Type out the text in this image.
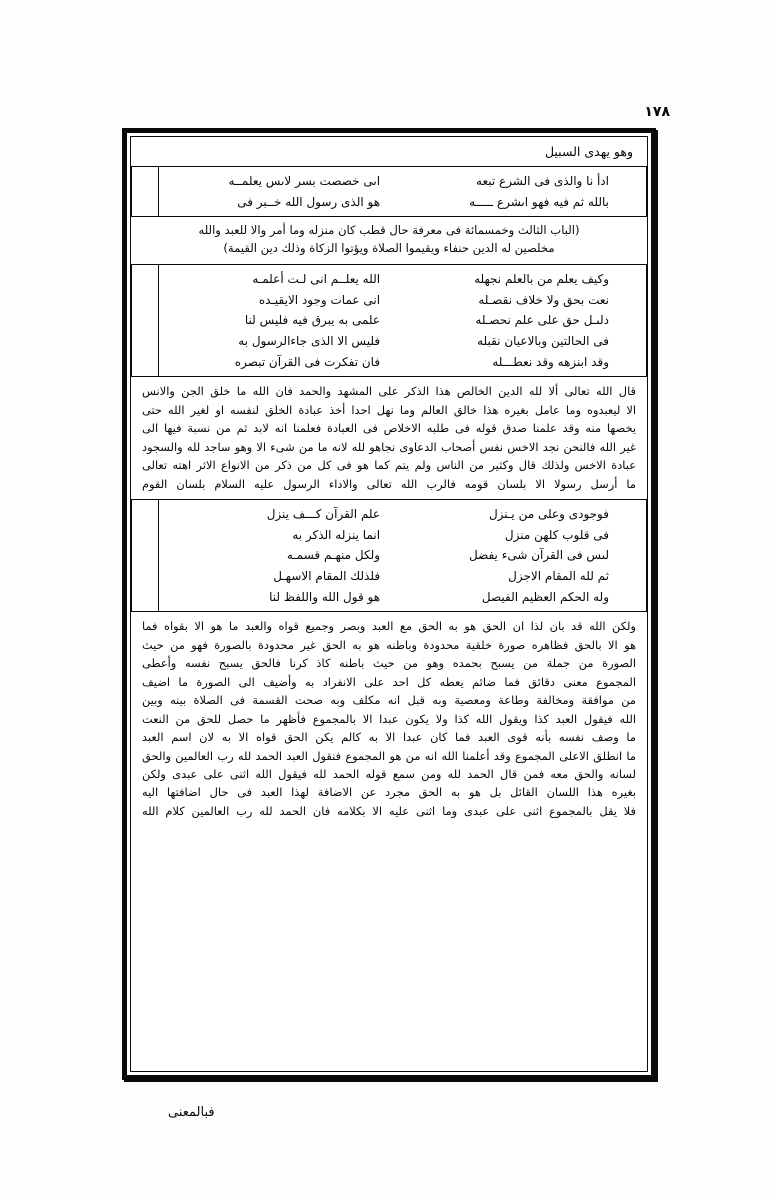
١٧٨
وهو يهدى السبيل
اىى خصصت بسر لاىس يعلمــه
هو الذى رسول الله خــبر فى
ادأ نا والذى فى الشرع تبعه
بالله ثم فيه فهو اىشرع ـــــه
(الباب الثالث وخمسمائة فى معرفة حال قطب كان منزله وما أمر والا للعبد والله
مخلصين له الدين حنفاء ويقيموا الصلاة ويؤتوا الزكاة وذلك دين القيمة)
الله يعلــم انى لـت أعلمـه
انى عمات وجود الايقيـده
علمى به يبرق فيه فليس لنا
فليس الا الذى جاءالرسول به
فان تفكرت فى القرآن تبصره
وكيف يعلم من بالعلم نجهله
نعت بحق ولا خلاف نقصـله
دلىـل حق على علم نحصـله
فى الحالتين وبالاعيان نقبله
وقد ابنزهه وقد نعطـــله
قال الله تعالى ألا لله الدين الخالص هذا الذكر على المشهد والحمد فان الله ما خلق الجن والانس
الا ليعبدوه وما عامل بغيره هذا خالق العالم وما نهل احدا أخذ عبادة الخلق لنفسه او لغير الله حتى
يخصها منه وقد علمنا صدق قوله فى طلبه الاخلاص فى العبادة فعلمنا انه لابد ثم من نسبة فيها الى
غير الله فالنحن نجد الاخس نفس أصحاب الدعاوى نجاهو لله لانه ما من شىء الا وهو ساجد لله والسجود
عبادة الاخس ولذلك قال وكثير من الناس ولم يتم كما هو فى كل من ذكر من الانواع الاثر اهته تعالى
ما أرسل رسولا الا بلسان قومه فالرب الله تعالى والاداء الرسول عليه السلام بلسان القوم
علم القرآن كـــف ينزل
انما ينزله الذكر به
ولكل منهـم قسمـه
فلذلك المقام الاسهـل
هو قول الله واللفظ لنا
فوجودى وعلى من يـنزل
فى قلوب كلهن منزل
لىس فى القرآن شىء يفضل
ثم لله المقام الاجزل
وله الحكم العظيم الفيصل
ولكن الله قد بان لذا ان الحق هو به الحق مع العبد وبصر وجميع قواه والعبد ما هو الا بقواه فما
هو الا بالحق فظاهره صورة خلقية محدودة وباطنه هو به الحق غير محدودة بالصورة فهو من حيث
الصورة من جملة من يسبح بحمده وهو من حيث باطنه كاذ كرنا فالحق يسبح نفسه وأعطى
المجموع معنى دقائق فما ضائم يعطه كل احد على الانفراد به وأضيف الى الصورة ما اضيف
من موافقة ومخالفة وطاعة ومعصية وبه قبل انه مكلف وبه صحت القسمة فى الصلاة بينه وبين
الله فيقول العبد كذا ويقول الله كذا ولا يكون عبدا الا بالمجموع فأظهر ما حصل للحق من النعت
ما وصف نفسه بأنه قوى العبد فما كان عبدا الا به كالم يكن الحق قواه الا به لان اسم العبد
ما انطلق الاعلى المجموع وقد أعلمنا الله انه من هو المجموع فنقول العبد الحمد لله رب العالمين والحق
لسانه والحق معه فمن قال الحمد لله ومن سمع قوله الحمد لله فيقول الله اثنى على عبدى ولكن
بغيره هذا اللسان القائل بل هو به الحق مجرد عن الاضافة لهذا العبد فى حال اضافتها اليه
فلا يقل بالمجموع اثنى على عبدى وما اثنى عليه الا بكلامه فان الحمد لله رب العالمين كلام الله
فبالمعنى
